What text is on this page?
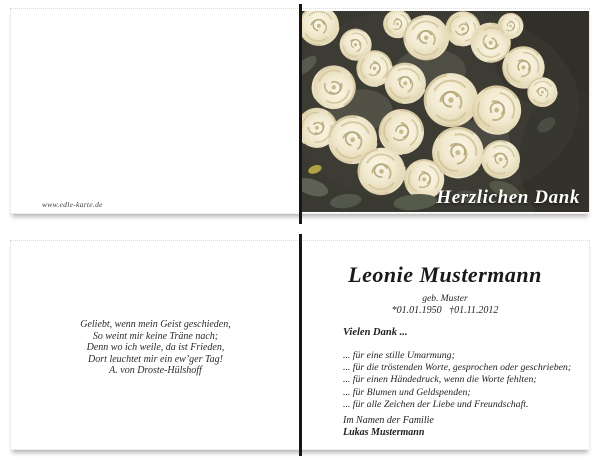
www.edle-karte.de	Herzlichen Dank
Geliebt, wenn mein Geist geschieden,
So weint mir keine Träne nach;
Denn wo ich weile, da ist Frieden,
Dort leuchtet mir ein ew’ger Tag!
A. von Droste-Hülshoff
Leonie Mustermann
geb. Muster
*01.01.1950   †01.11.2012
Vielen Dank ...
... für eine stille Umarmung;
... für die tröstenden Worte, gesprochen oder geschrieben;
... für einen Händedruck, wenn die Worte fehlten;
... für Blumen und Geldspenden;
... für alle Zeichen der Liebe und Freundschaft.
Im Namen der Familie
Lukas Mustermann
